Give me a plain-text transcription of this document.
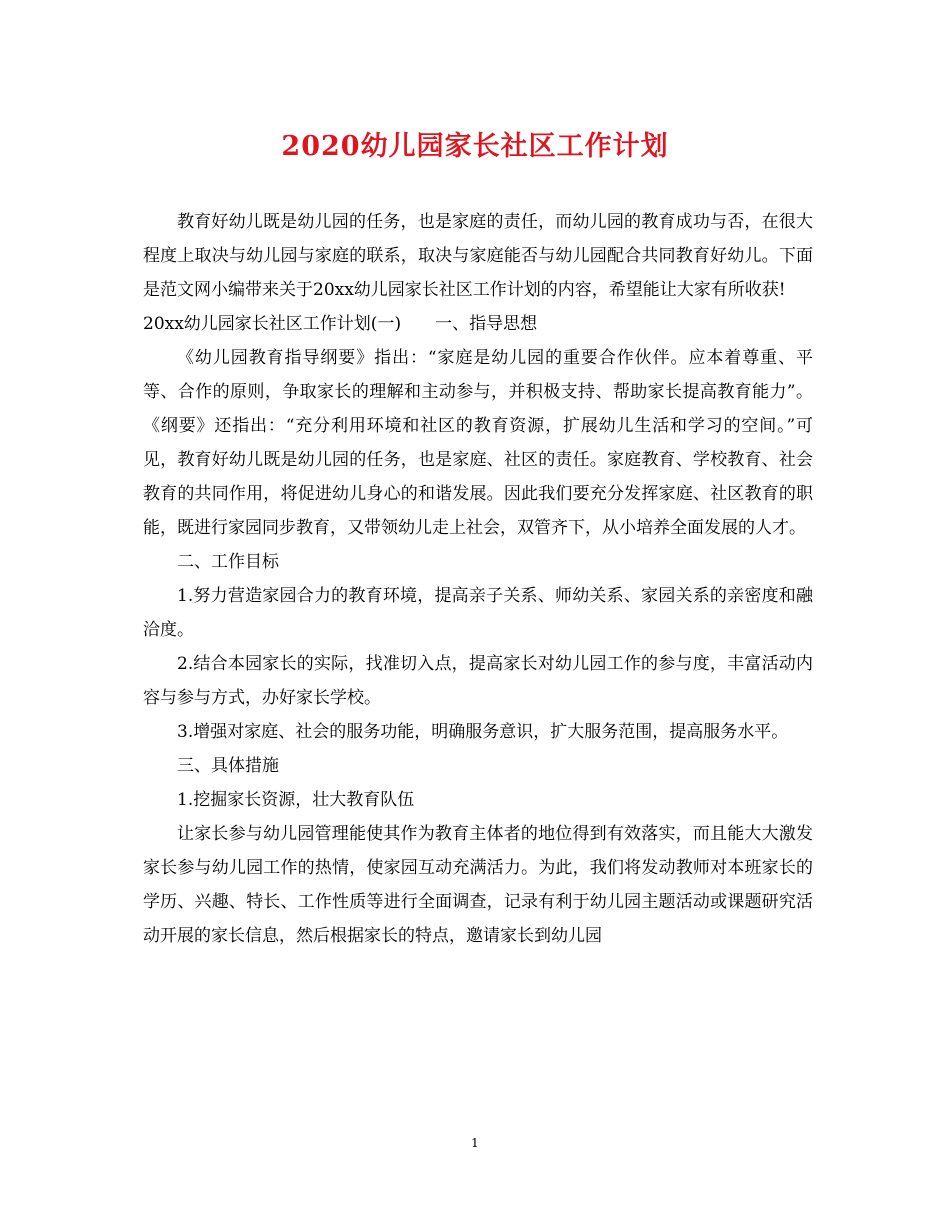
2020幼儿园家长社区工作计划

教育好幼儿既是幼儿园的任务，也是家庭的责任，而幼儿园的教育成功与否，在很大程度上取决与幼儿园与家庭的联系，取决与家庭能否与幼儿园配合共同教育好幼儿。下面是范文网小编带来关于20xx幼儿园家长社区工作计划的内容，希望能让大家有所收获!

20xx幼儿园家长社区工作计划(一)　　一、指导思想

《幼儿园教育指导纲要》指出：“家庭是幼儿园的重要合作伙伴。应本着尊重、平等、合作的原则，争取家长的理解和主动参与，并积极支持、帮助家长提高教育能力”。《纲要》还指出：“充分利用环境和社区的教育资源，扩展幼儿生活和学习的空间。”可见，教育好幼儿既是幼儿园的任务，也是家庭、社区的责任。家庭教育、学校教育、社会教育的共同作用，将促进幼儿身心的和谐发展。因此我们要充分发挥家庭、社区教育的职能，既进行家园同步教育，又带领幼儿走上社会，双管齐下，从小培养全面发展的人才。

二、工作目标

1.努力营造家园合力的教育环境，提高亲子关系、师幼关系、家园关系的亲密度和融洽度。

2.结合本园家长的实际，找准切入点，提高家长对幼儿园工作的参与度，丰富活动内容与参与方式，办好家长学校。

3.增强对家庭、社会的服务功能，明确服务意识，扩大服务范围，提高服务水平。

三、具体措施

1.挖掘家长资源，壮大教育队伍

让家长参与幼儿园管理能使其作为教育主体者的地位得到有效落实，而且能大大激发家长参与幼儿园工作的热情，使家园互动充满活力。为此，我们将发动教师对本班家长的学历、兴趣、特长、工作性质等进行全面调查，记录有利于幼儿园主题活动或课题研究活动开展的家长信息，然后根据家长的特点，邀请家长到幼儿园

1
